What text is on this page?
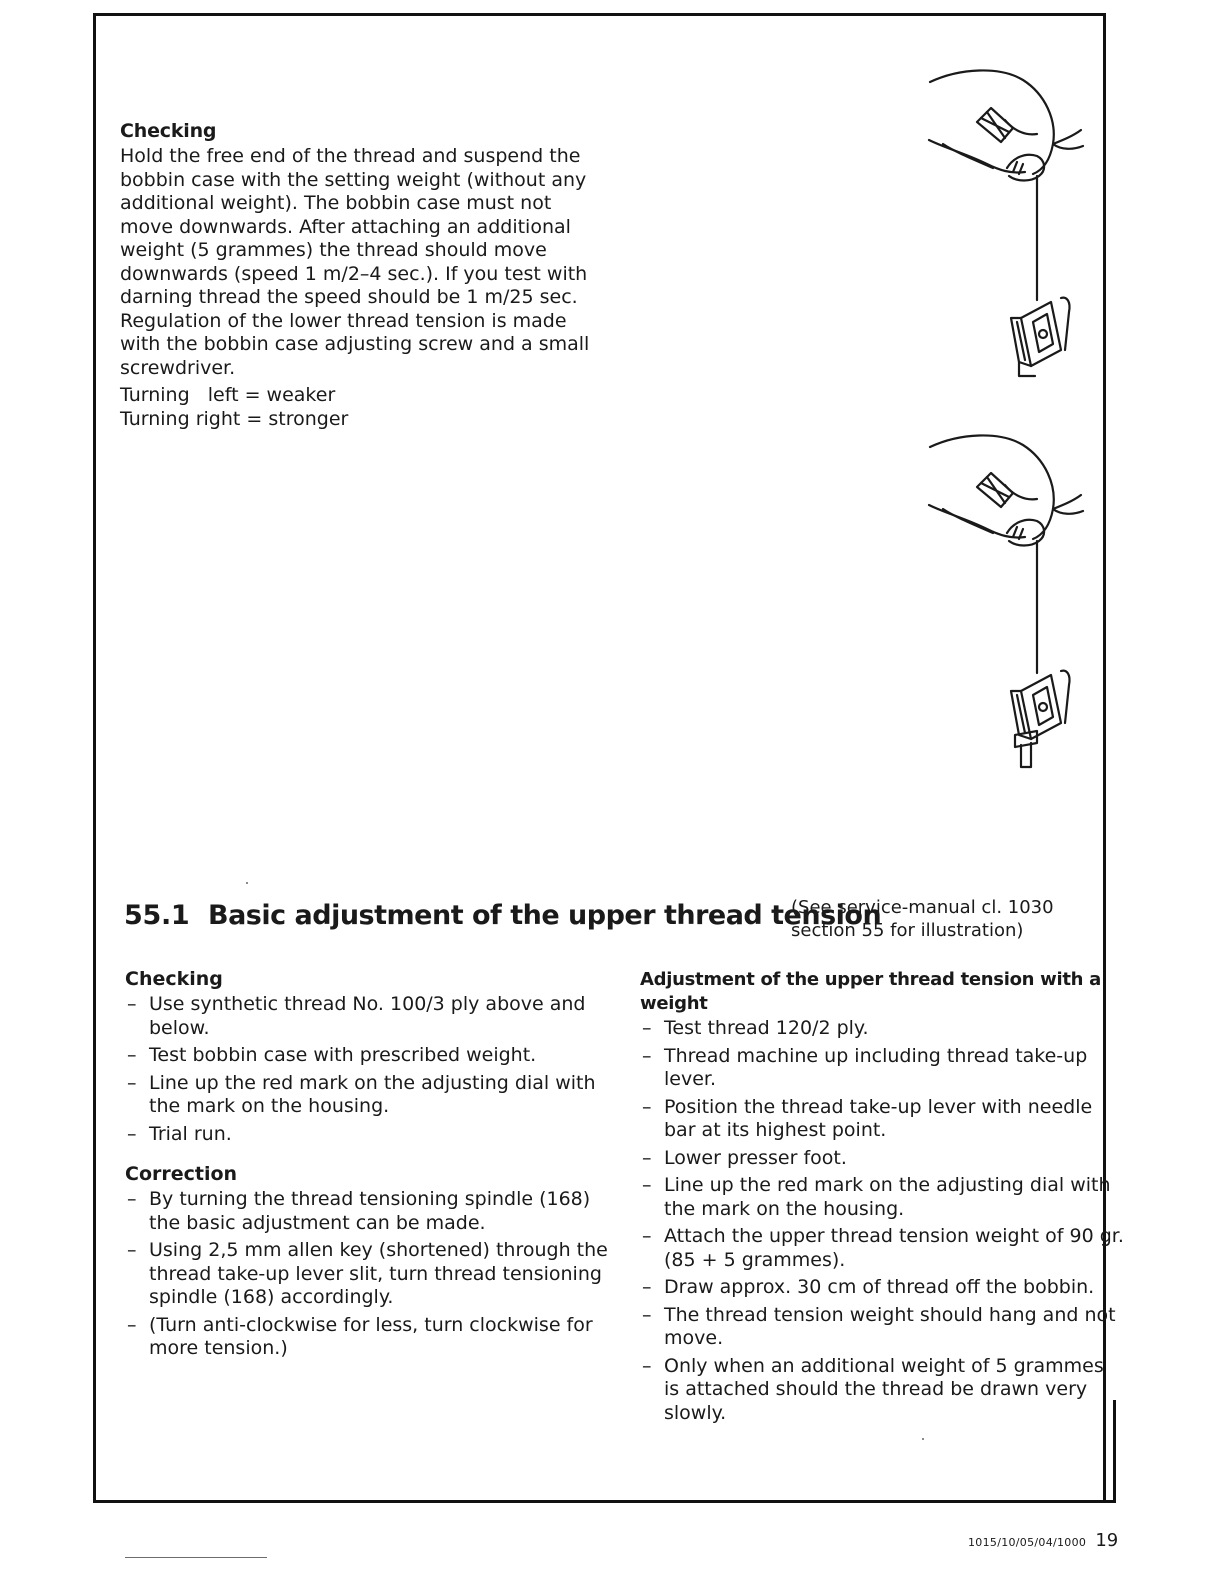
Checking
Hold the free end of the thread and suspend the
bobbin case with the setting weight (without any
additional weight). The bobbin case must not
move downwards. After attaching an additional
weight (5 grammes) the thread should move
downwards (speed 1 m/2–4 sec.). If you test with
darning thread the speed should be 1 m/25 sec.
Regulation of the lower thread tension is made
with the bobbin case adjusting screw and a small
screwdriver.
Turning   left = weaker
Turning right = stronger
55.1 Basic adjustment of the upper thread tension
(See service-manual cl. 1030
section 55 for illustration)
Checking
– Use synthetic thread No. 100/3 ply above and
below.
– Test bobbin case with prescribed weight.
– Line up the red mark on the adjusting dial with
the mark on the housing.
– Trial run.
Correction
– By turning the thread tensioning spindle (168)
the basic adjustment can be made.
– Using 2,5 mm allen key (shortened) through the
thread take-up lever slit, turn thread tensioning
spindle (168) accordingly.
– (Turn anti-clockwise for less, turn clockwise for
more tension.)
Adjustment of the upper thread tension with a
weight
– Test thread 120/2 ply.
– Thread machine up including thread take-up
lever.
– Position the thread take-up lever with needle
bar at its highest point.
– Lower presser foot.
– Line up the red mark on the adjusting dial with
the mark on the housing.
– Attach the upper thread tension weight of 90 gr.
(85 + 5 grammes).
– Draw approx. 30 cm of thread off the bobbin.
– The thread tension weight should hang and not
move.
– Only when an additional weight of 5 grammes
is attached should the thread be drawn very
slowly.
1015/10/05/04/1000 19
